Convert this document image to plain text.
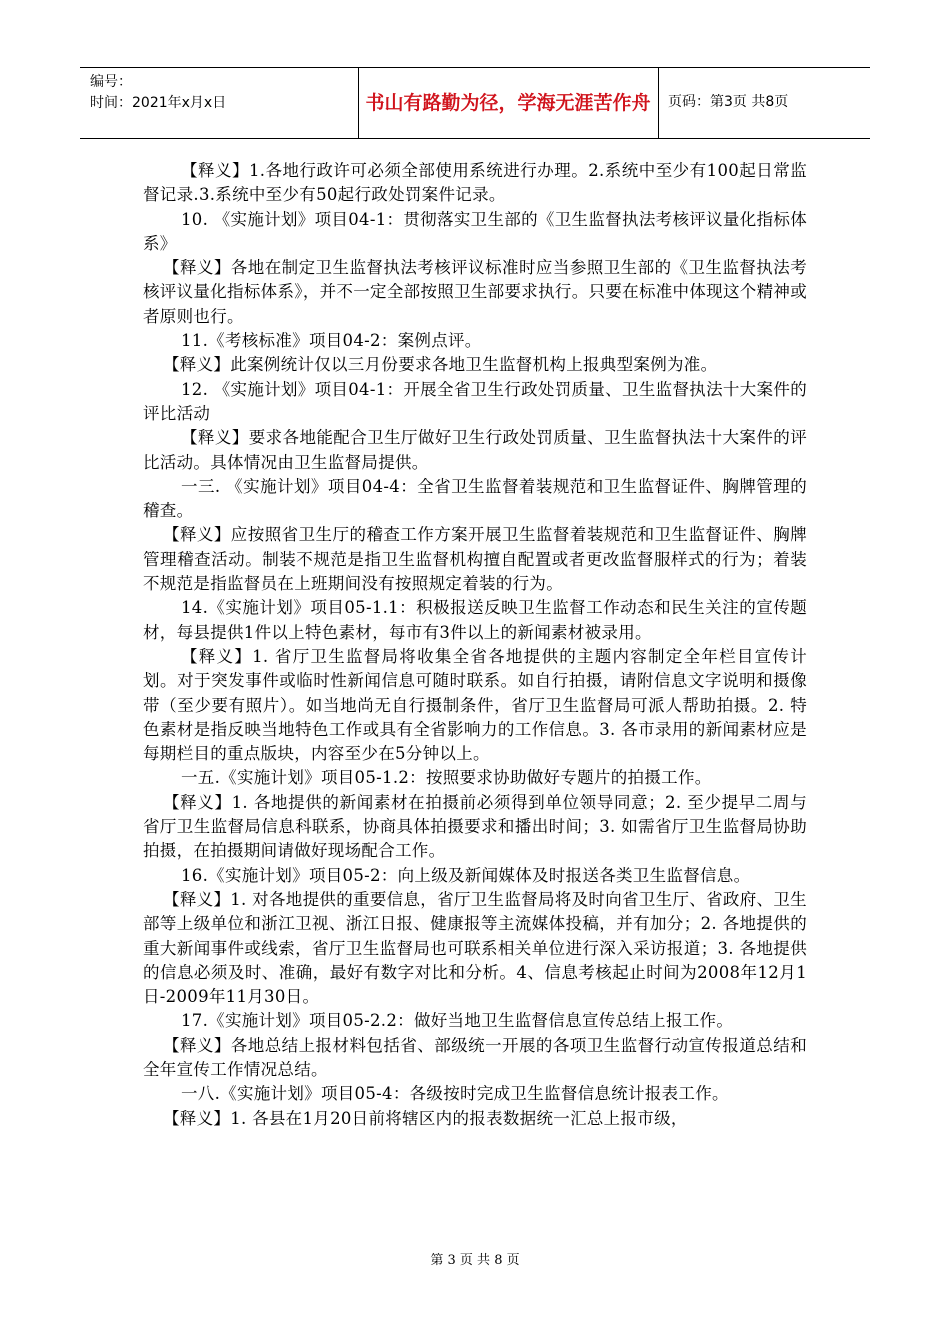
编号：
时间：2021年x月x日	书山有路勤为径，学海无涯苦作舟	页码：第3页 共8页

【释义】1.各地行政许可必须全部使用系统进行办理。2.系统中至少有100起日常监督记录.3.系统中至少有50起行政处罚案件记录。

10. 《实施计划》项目04-1：贯彻落实卫生部的《卫生监督执法考核评议量化指标体系》

【释义】各地在制定卫生监督执法考核评议标准时应当参照卫生部的《卫生监督执法考核评议量化指标体系》，并不一定全部按照卫生部要求执行。只要在标准中体现这个精神或者原则也行。

11.《考核标准》项目04-2：案例点评。

【释义】此案例统计仅以三月份要求各地卫生监督机构上报典型案例为准。

12. 《实施计划》项目04-1：开展全省卫生行政处罚质量、卫生监督执法十大案件的评比活动

【释义】要求各地能配合卫生厅做好卫生行政处罚质量、卫生监督执法十大案件的评比活动。具体情况由卫生监督局提供。

一三. 《实施计划》项目04-4：全省卫生监督着装规范和卫生监督证件、胸牌管理的稽查。

【释义】应按照省卫生厅的稽查工作方案开展卫生监督着装规范和卫生监督证件、胸牌管理稽查活动。制装不规范是指卫生监督机构擅自配置或者更改监督服样式的行为；着装不规范是指监督员在上班期间没有按照规定着装的行为。

14.《实施计划》项目05-1.1：积极报送反映卫生监督工作动态和民生关注的宣传题材，每县提供1件以上特色素材，每市有3件以上的新闻素材被录用。

【释义】1. 省厅卫生监督局将收集全省各地提供的主题内容制定全年栏目宣传计划。对于突发事件或临时性新闻信息可随时联系。如自行拍摄，请附信息文字说明和摄像带（至少要有照片）。如当地尚无自行摄制条件，省厅卫生监督局可派人帮助拍摄。2. 特色素材是指反映当地特色工作或具有全省影响力的工作信息。3. 各市录用的新闻素材应是每期栏目的重点版块，内容至少在5分钟以上。

一五.《实施计划》项目05-1.2：按照要求协助做好专题片的拍摄工作。

【释义】1. 各地提供的新闻素材在拍摄前必须得到单位领导同意；2. 至少提早二周与省厅卫生监督局信息科联系，协商具体拍摄要求和播出时间；3. 如需省厅卫生监督局协助拍摄，在拍摄期间请做好现场配合工作。

16.《实施计划》项目05-2：向上级及新闻媒体及时报送各类卫生监督信息。

【释义】1. 对各地提供的重要信息，省厅卫生监督局将及时向省卫生厅、省政府、卫生部等上级单位和浙江卫视、浙江日报、健康报等主流媒体投稿，并有加分；2. 各地提供的重大新闻事件或线索，省厅卫生监督局也可联系相关单位进行深入采访报道；3. 各地提供的信息必须及时、准确，最好有数字对比和分析。4、信息考核起止时间为2008年12月1日-2009年11月30日。

17.《实施计划》项目05-2.2：做好当地卫生监督信息宣传总结上报工作。

【释义】各地总结上报材料包括省、部级统一开展的各项卫生监督行动宣传报道总结和全年宣传工作情况总结。

一八.《实施计划》项目05-4：各级按时完成卫生监督信息统计报表工作。

【释义】1. 各县在1月20日前将辖区内的报表数据统一汇总上报市级，

第 3 页 共 8 页
